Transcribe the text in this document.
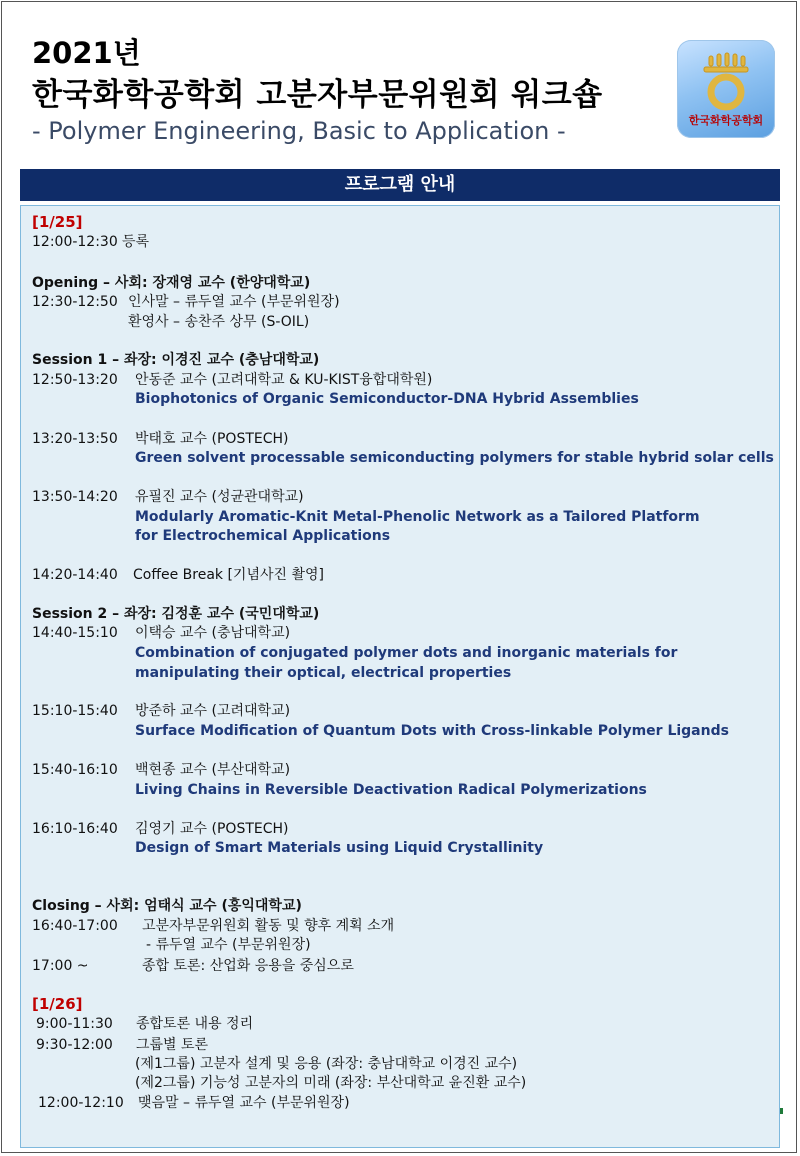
2021년
한국화학공학회 고분자부문위원회 워크숍
- Polymer Engineering, Basic to Application -	한국화학공학회
프로그램 안내
[1/25]
12:00-12:30 등록
Opening – 사회: 장재영 교수 (한양대학교)
12:30-12:50 인사말 – 류두열 교수 (부문위원장)
환영사 – 송찬주 상무 (S-OIL)
Session 1 – 좌장: 이경진 교수 (충남대학교)
12:50-13:20 안동준 교수 (고려대학교 & KU-KIST융합대학원)
Biophotonics of Organic Semiconductor-DNA Hybrid Assemblies
13:20-13:50 박태호 교수 (POSTECH)
Green solvent processable semiconducting polymers for stable hybrid solar cells
13:50-14:20 유필진 교수 (성균관대학교)
Modularly Aromatic-Knit Metal-Phenolic Network as a Tailored Platform
for Electrochemical Applications
14:20-14:40 Coffee Break [기념사진 촬영]
Session 2 – 좌장: 김정훈 교수 (국민대학교)
14:40-15:10 이택승 교수 (충남대학교)
Combination of conjugated polymer dots and inorganic materials for
manipulating their optical, electrical properties
15:10-15:40 방준하 교수 (고려대학교)
Surface Modification of Quantum Dots with Cross-linkable Polymer Ligands
15:40-16:10 백현종 교수 (부산대학교)
Living Chains in Reversible Deactivation Radical Polymerizations
16:10-16:40 김영기 교수 (POSTECH)
Design of Smart Materials using Liquid Crystallinity
Closing – 사회: 엄태식 교수 (홍익대학교)
16:40-17:00 고분자부문위원회 활동 및 향후 계획 소개
- 류두열 교수 (부문위원장)
17:00 ~	종합 토론: 산업화 응용을 중심으로
[1/26]
9:00-11:30 종합토론 내용 정리
9:30-12:00 그룹별 토론
(제1그룹) 고분자 설계 및 응용 (좌장: 충남대학교 이경진 교수)
(제2그룹) 기능성 고분자의 미래 (좌장: 부산대학교 윤진환 교수)
12:00-12:10 맺음말 – 류두열 교수 (부문위원장)
